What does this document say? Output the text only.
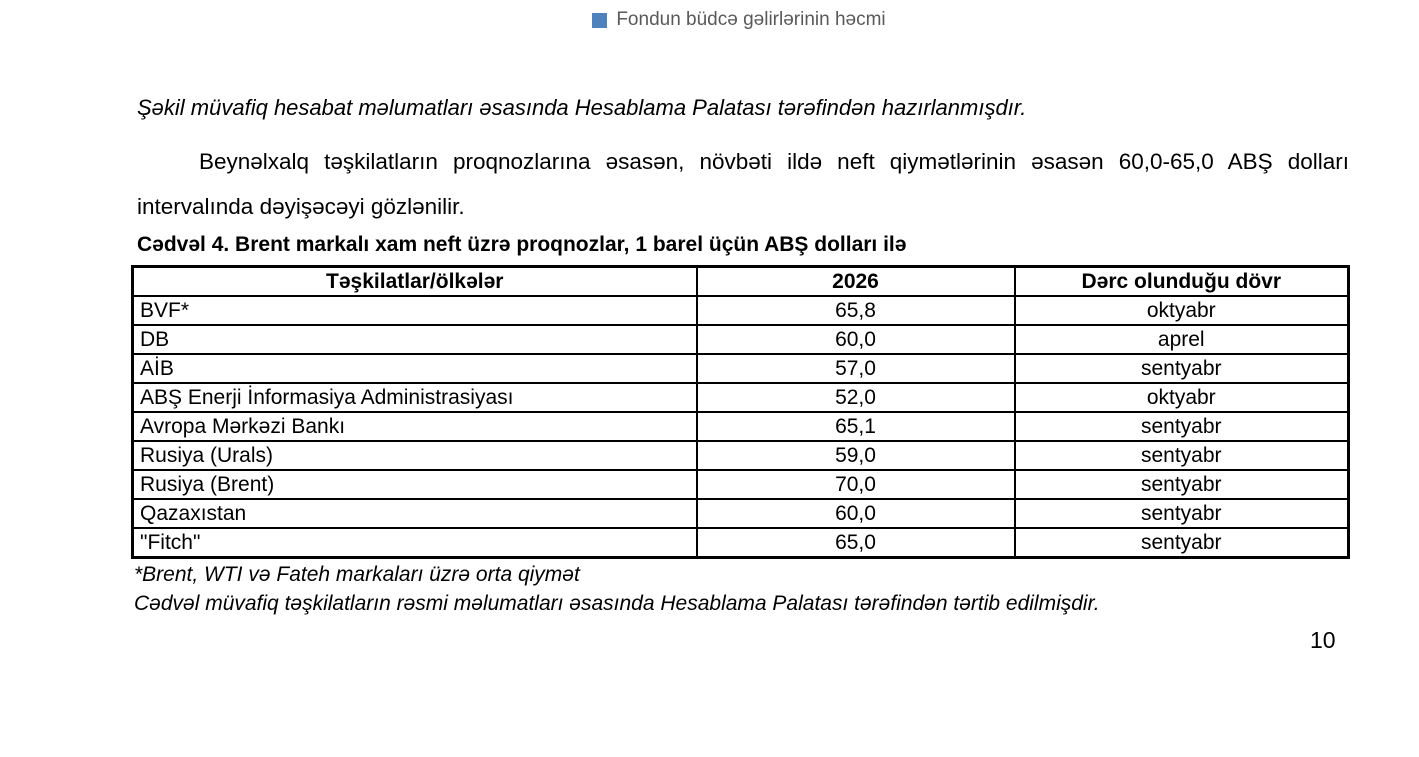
Fondun büdcə gəlirlərinin həcmi
Şəkil müvafiq hesabat məlumatları əsasında Hesablama Palatası tərəfindən hazırlanmışdır.
Beynəlxalq təşkilatların proqnozlarına əsasən, növbəti ildə neft qiymətlərinin əsasən 60,0-65,0 ABŞ dolları intervalında dəyişəcəyi gözlənilir.
Cədvəl 4. Brent markalı xam neft üzrə proqnozlar, 1 barel üçün ABŞ dolları ilə
Təşkilatlar/ölkələr	2026	Dərc olunduğu dövr
BVF*	65,8	oktyabr
DB	60,0	aprel
AİB	57,0	sentyabr
ABŞ Enerji İnformasiya Administrasiyası	52,0	oktyabr
Avropa Mərkəzi Bankı	65,1	sentyabr
Rusiya (Urals)	59,0	sentyabr
Rusiya (Brent)	70,0	sentyabr
Qazaxıstan	60,0	sentyabr
"Fitch"	65,0	sentyabr
*Brent, WTI və Fateh markaları üzrə orta qiymət
Cədvəl müvafiq təşkilatların rəsmi məlumatları əsasında Hesablama Palatası tərəfindən tərtib edilmişdir.
10
